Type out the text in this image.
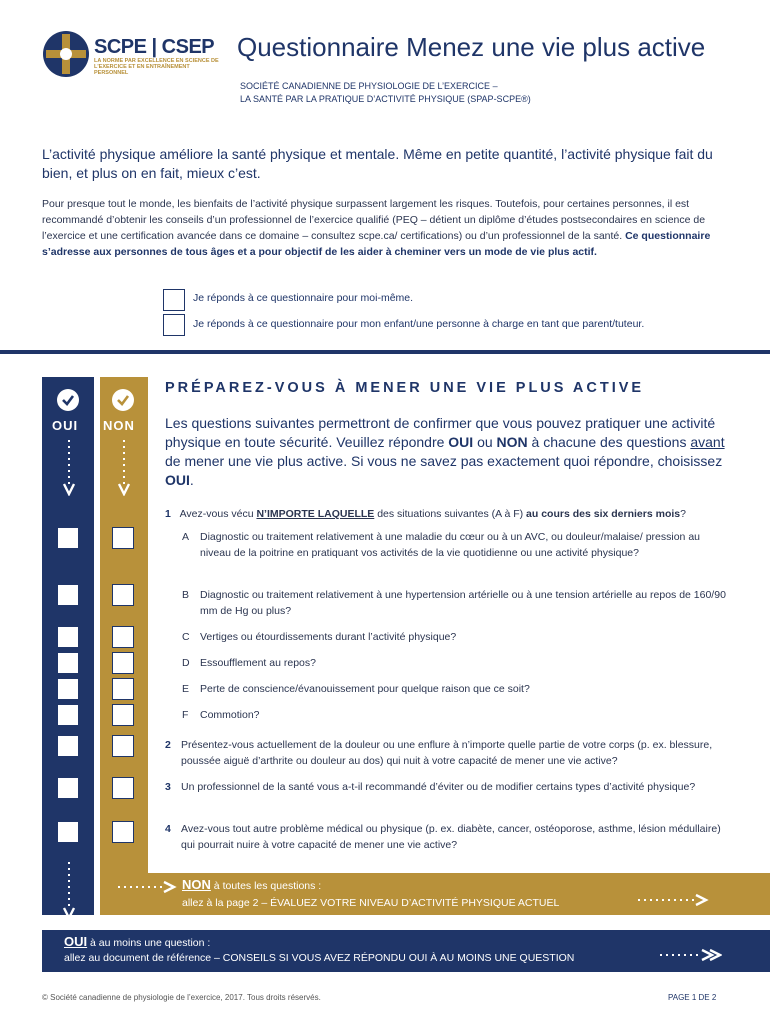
SCPE | CSEP
LA NORME PAR EXCELLENCE EN SCIENCE DE L'EXERCICE ET EN ENTRAÎNEMENT PERSONNEL
Questionnaire Menez une vie plus active
SOCIÉTÉ CANADIENNE DE PHYSIOLOGIE DE L’EXERCICE –
LA SANTÉ PAR LA PRATIQUE D’ACTIVITÉ PHYSIQUE (SPAP-SCPE®)
L’activité physique améliore la santé physique et mentale. Même en petite quantité, l’activité physique fait du bien, et plus on en fait, mieux c’est.
Pour presque tout le monde, les bienfaits de l’activité physique surpassent largement les risques. Toutefois, pour certaines personnes, il est recommandé d’obtenir les conseils d’un professionnel de l’exercice qualifié (PEQ – détient un diplôme d’études postsecondaires en science de l’exercice et une certification avancée dans ce domaine – consultez scpe.ca/ certifications) ou d’un professionnel de la santé. Ce questionnaire s’adresse aux personnes de tous âges et a pour objectif de les aider à cheminer vers un mode de vie plus actif.
Je réponds à ce questionnaire pour moi-même.
Je réponds à ce questionnaire pour mon enfant/une personne à charge en tant que parent/tuteur.
OUI NON
PRÉPAREZ-VOUS À MENER UNE VIE PLUS ACTIVE
Les questions suivantes permettront de confirmer que vous pouvez pratiquer une activité physique en toute sécurité. Veuillez répondre OUI ou NON à chacune des questions avant de mener une vie plus active. Si vous ne savez pas exactement quoi répondre, choisissez OUI.
1 Avez-vous vécu N’IMPORTE LAQUELLE des situations suivantes (A à F) au cours des six derniers mois?
A Diagnostic ou traitement relativement à une maladie du cœur ou à un AVC, ou douleur/malaise/ pression au niveau de la poitrine en pratiquant vos activités de la vie quotidienne ou une activité physique?
B Diagnostic ou traitement relativement à une hypertension artérielle ou à une tension artérielle au repos de 160/90 mm de Hg ou plus?
C Vertiges ou étourdissements durant l’activité physique?
D Essoufflement au repos?
E Perte de conscience/évanouissement pour quelque raison que ce soit?
F Commotion?
2 Présentez-vous actuellement de la douleur ou une enflure à n’importe quelle partie de votre corps (p. ex. blessure, poussée aiguë d’arthrite ou douleur au dos) qui nuit à votre capacité de mener une vie active?
3 Un professionnel de la santé vous a-t-il recommandé d’éviter ou de modifier certains types d’activité physique?
4 Avez-vous tout autre problème médical ou physique (p. ex. diabète, cancer, ostéoporose, asthme, lésion médullaire) qui pourrait nuire à votre capacité de mener une vie active?
NON à toutes les questions :
allez à la page 2 – ÉVALUEZ VOTRE NIVEAU D’ACTIVITÉ PHYSIQUE ACTUEL
OUI à au moins une question :
allez au document de référence – CONSEILS SI VOUS AVEZ RÉPONDU OUI À AU MOINS UNE QUESTION
© Société canadienne de physiologie de l’exercice, 2017. Tous droits réservés.	PAGE 1 DE 2
